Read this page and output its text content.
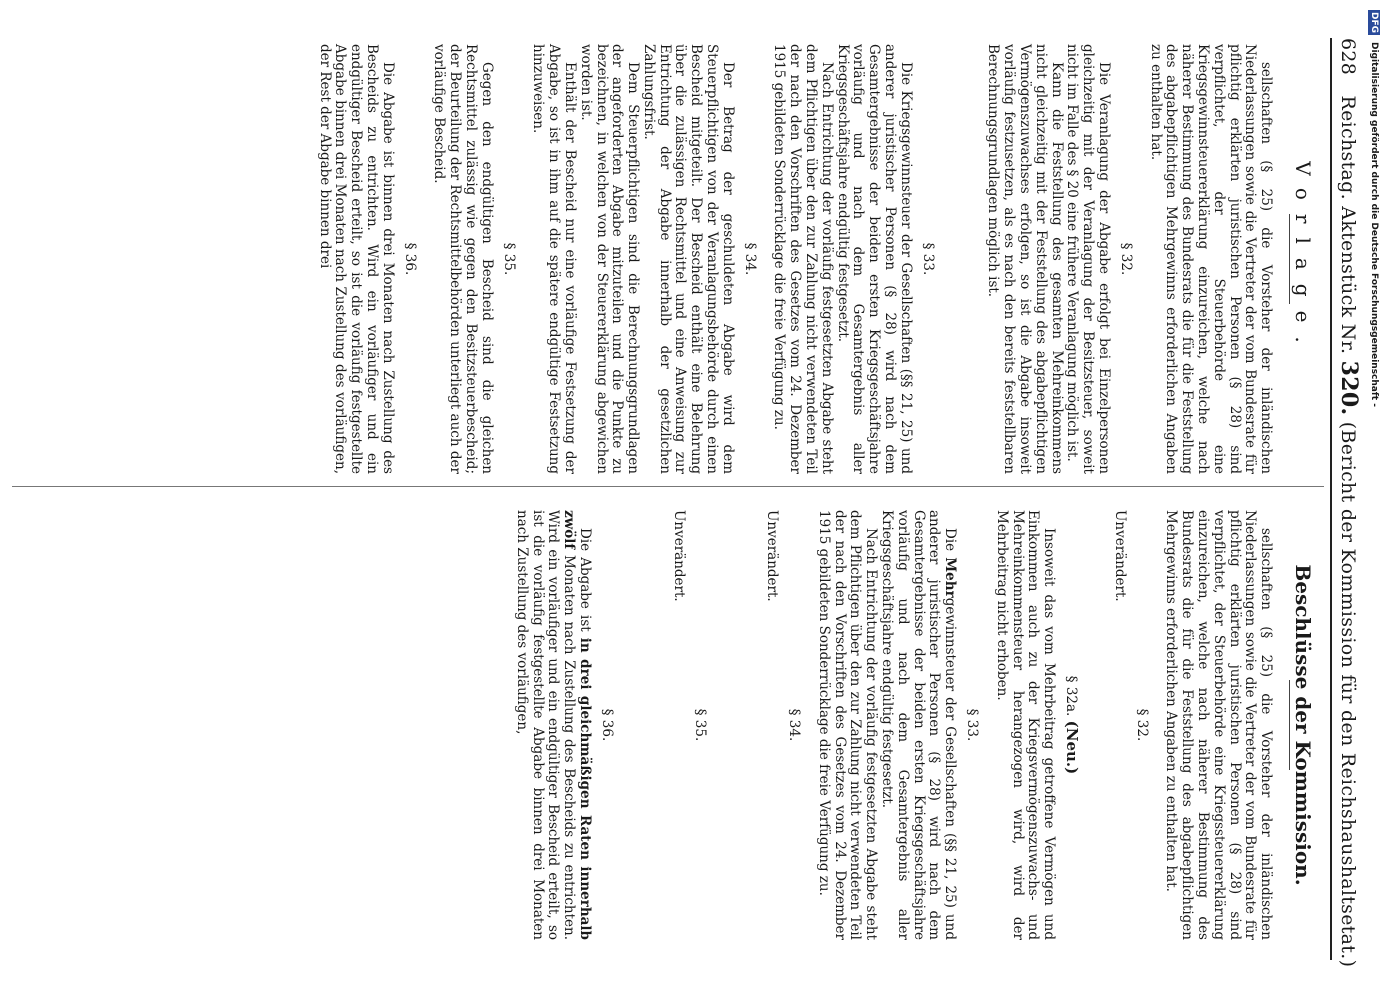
628 Reichstag. Aktenstück Nr. 320. (Bericht der Kommission für den Reichshaushaltsetat.)
Vorlage.

sellschaften (§ 25) die Vorsteher der inländischen Niederlassungen sowie die Vertreter der vom Bundesrate für pflichtig erklärten juristischen Personen (§ 28) sind verpflichtet, der Steuerbehörde eine Kriegsgewinnsteuererklärung einzureichen, welche nach näherer Bestimmung des Bundesrats die für die Feststellung des abgabepflichtigen Mehrgewinns erforderlichen Angaben zu enthalten hat.

§ 32.

Die Veranlagung der Abgabe erfolgt bei Einzelpersonen gleichzeitig mit der Veranlagung der Besitzsteuer, soweit nicht im Falle des § 20 eine frühere Veranlagung möglich ist.

Kann die Feststellung des gesamten Mehreinkommens nicht gleichzeitig mit der Feststellung des abgabepflichtigen Vermögenszuwachses erfolgen, so ist die Abgabe insoweit vorläufig festzusetzen, als es nach den bereits feststellbaren Berechnungsgrundlagen möglich ist.

§ 33.

Die Kriegsgewinnsteuer der Gesellschaften (§§ 21, 25) und anderer juristischer Personen (§ 28) wird nach dem Gesamtergebnisse der beiden ersten Kriegsgeschäftsjahre vorläufig und nach dem Gesamtergebnis aller Kriegsgeschäftsjahre endgültig festgesetzt.

Nach Entrichtung der vorläufig festgesetzten Abgabe steht dem Pflichtigen über den zur Zahlung nicht verwendeten Teil der nach den Vorschriften des Gesetzes vom 24. Dezember 1915 gebildeten Sonderrücklage die freie Verfügung zu.

§ 34.

Der Betrag der geschuldeten Abgabe wird dem Steuerpflichtigen von der Veranlagungsbehörde durch einen Bescheid mitgeteilt. Der Bescheid enthält eine Belehrung über die zulässigen Rechtsmittel und eine Anweisung zur Entrichtung der Abgabe innerhalb der gesetzlichen Zahlungsfrist.

Dem Steuerpflichtigen sind die Berechnungsgrundlagen der angeforderten Abgabe mitzuteilen und die Punkte zu bezeichnen, in welchen von der Steuererklärung abgewichen worden ist.

Enthält der Bescheid nur eine vorläufige Festsetzung der Abgabe, so ist in ihm auf die spätere endgültige Festsetzung hinzuweisen.

§ 35.

Gegen den endgültigen Bescheid sind die gleichen Rechtsmittel zulässig wie gegen den Besitzsteuerbescheid; der Beurteilung der Rechtsmittelbehörden unterliegt auch der vorläufige Bescheid.

§ 36.

Die Abgabe ist binnen drei Monaten nach Zustellung des Bescheids zu entrichten. Wird ein vorläufiger und ein endgültiger Bescheid erteilt, so ist die vorläufig festgestellte Abgabe binnen drei Monaten nach Zustellung des vorläufigen, der Rest der Abgabe binnen drei

Beschlüsse der Kommission.

sellschaften (§ 25) die Vorsteher der inländischen Niederlassungen sowie die Vertreter der vom Bundesrate für pflichtig erklärten juristischen Personen (§ 28) sind verpflichtet, der Steuerbehörde eine Kriegssteuererklärung einzureichen, welche nach näherer Bestimmung des Bundesrats die für die Feststellung des abgabepflichtigen Mehrgewinns erforderlichen Angaben zu enthalten hat.

§ 32.

Unverändert.

§ 32a. (Neu.)

Insoweit das vom Mehrbeitrag getroffene Vermögen und Einkommen auch zu der Kriegsvermögenszuwachs- und Mehreinkommensteuer herangezogen wird, wird der Mehrbeitrag nicht erhoben.

§ 33.

Die Mehrgewinnsteuer der Gesellschaften (§§ 21, 25) und anderer juristischer Personen (§ 28) wird nach dem Gesamtergebnisse der beiden ersten Kriegsgeschäftsjahre vorläufig und nach dem Gesamtergebnis aller Kriegsgeschäftsjahre endgültig festgesetzt.

Nach Entrichtung der vorläufig festgesetzten Abgabe steht dem Pflichtigen über den zur Zahlung nicht verwendeten Teil der nach den Vorschriften des Gesetzes vom 24. Dezember 1915 gebildeten Sonderrücklage die freie Verfügung zu.

§ 34.

Unverändert.

§ 35.

Unverändert.

§ 36.

Die Abgabe ist in drei gleichmäßigen Raten innerhalb zwölf Monaten nach Zustellung des Bescheids zu entrichten. Wird ein vorläufiger und ein endgültiger Bescheid erteilt, so ist die vorläufig festgestellte Abgabe binnen drei Monaten nach Zustellung des vorläufigen,

DFG Digitalisierung gefördert durch die Deutsche Forschungsgemeinschaft -
